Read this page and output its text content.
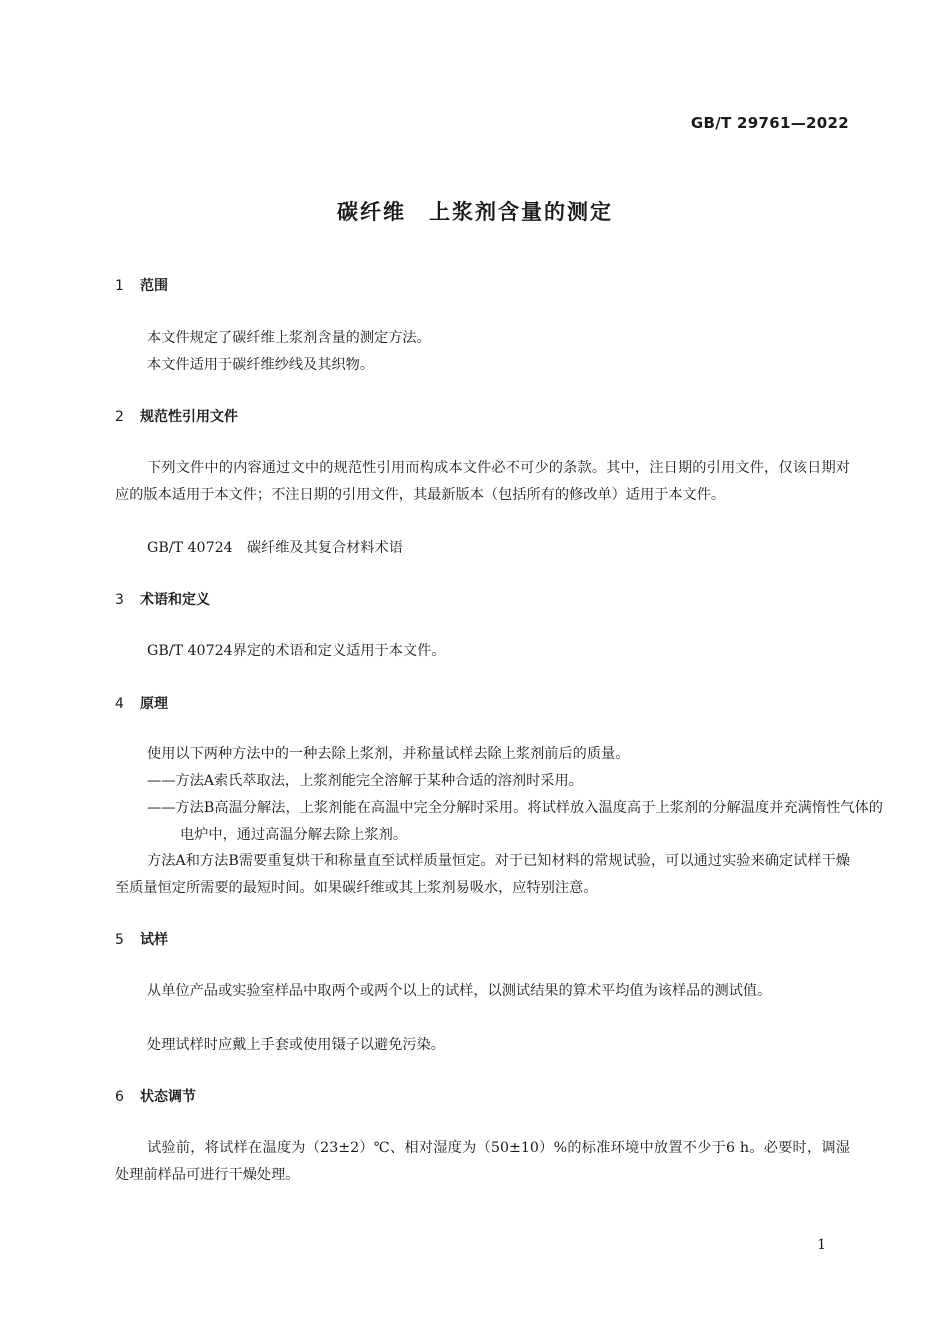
GB/T 29761—2022
碳纤维　上浆剂含量的测定
1 范围
本文件规定了碳纤维上浆剂含量的测定方法。
本文件适用于碳纤维纱线及其织物。
2 规范性引用文件
下列文件中的内容通过文中的规范性引用而构成本文件必不可少的条款。其中，注日期的引用文件，仅该日期对应的版本适用于本文件；不注日期的引用文件，其最新版本（包括所有的修改单）适用于本文件。
GB/T 40724　碳纤维及其复合材料术语
3 术语和定义
GB/T 40724界定的术语和定义适用于本文件。
4 原理
使用以下两种方法中的一种去除上浆剂，并称量试样去除上浆剂前后的质量。
——方法A索氏萃取法，上浆剂能完全溶解于某种合适的溶剂时采用。
——方法B高温分解法，上浆剂能在高温中完全分解时采用。将试样放入温度高于上浆剂的分解温度并充满惰性气体的电炉中，通过高温分解去除上浆剂。
方法A和方法B需要重复烘干和称量直至试样质量恒定。对于已知材料的常规试验，可以通过实验来确定试样干燥至质量恒定所需要的最短时间。如果碳纤维或其上浆剂易吸水，应特别注意。
5 试样
从单位产品或实验室样品中取两个或两个以上的试样，以测试结果的算术平均值为该样品的测试值。
处理试样时应戴上手套或使用镊子以避免污染。
6 状态调节
试验前，将试样在温度为（23±2）℃、相对湿度为（50±10）%的标准环境中放置不少于6 h。必要时，调湿处理前样品可进行干燥处理。
1
